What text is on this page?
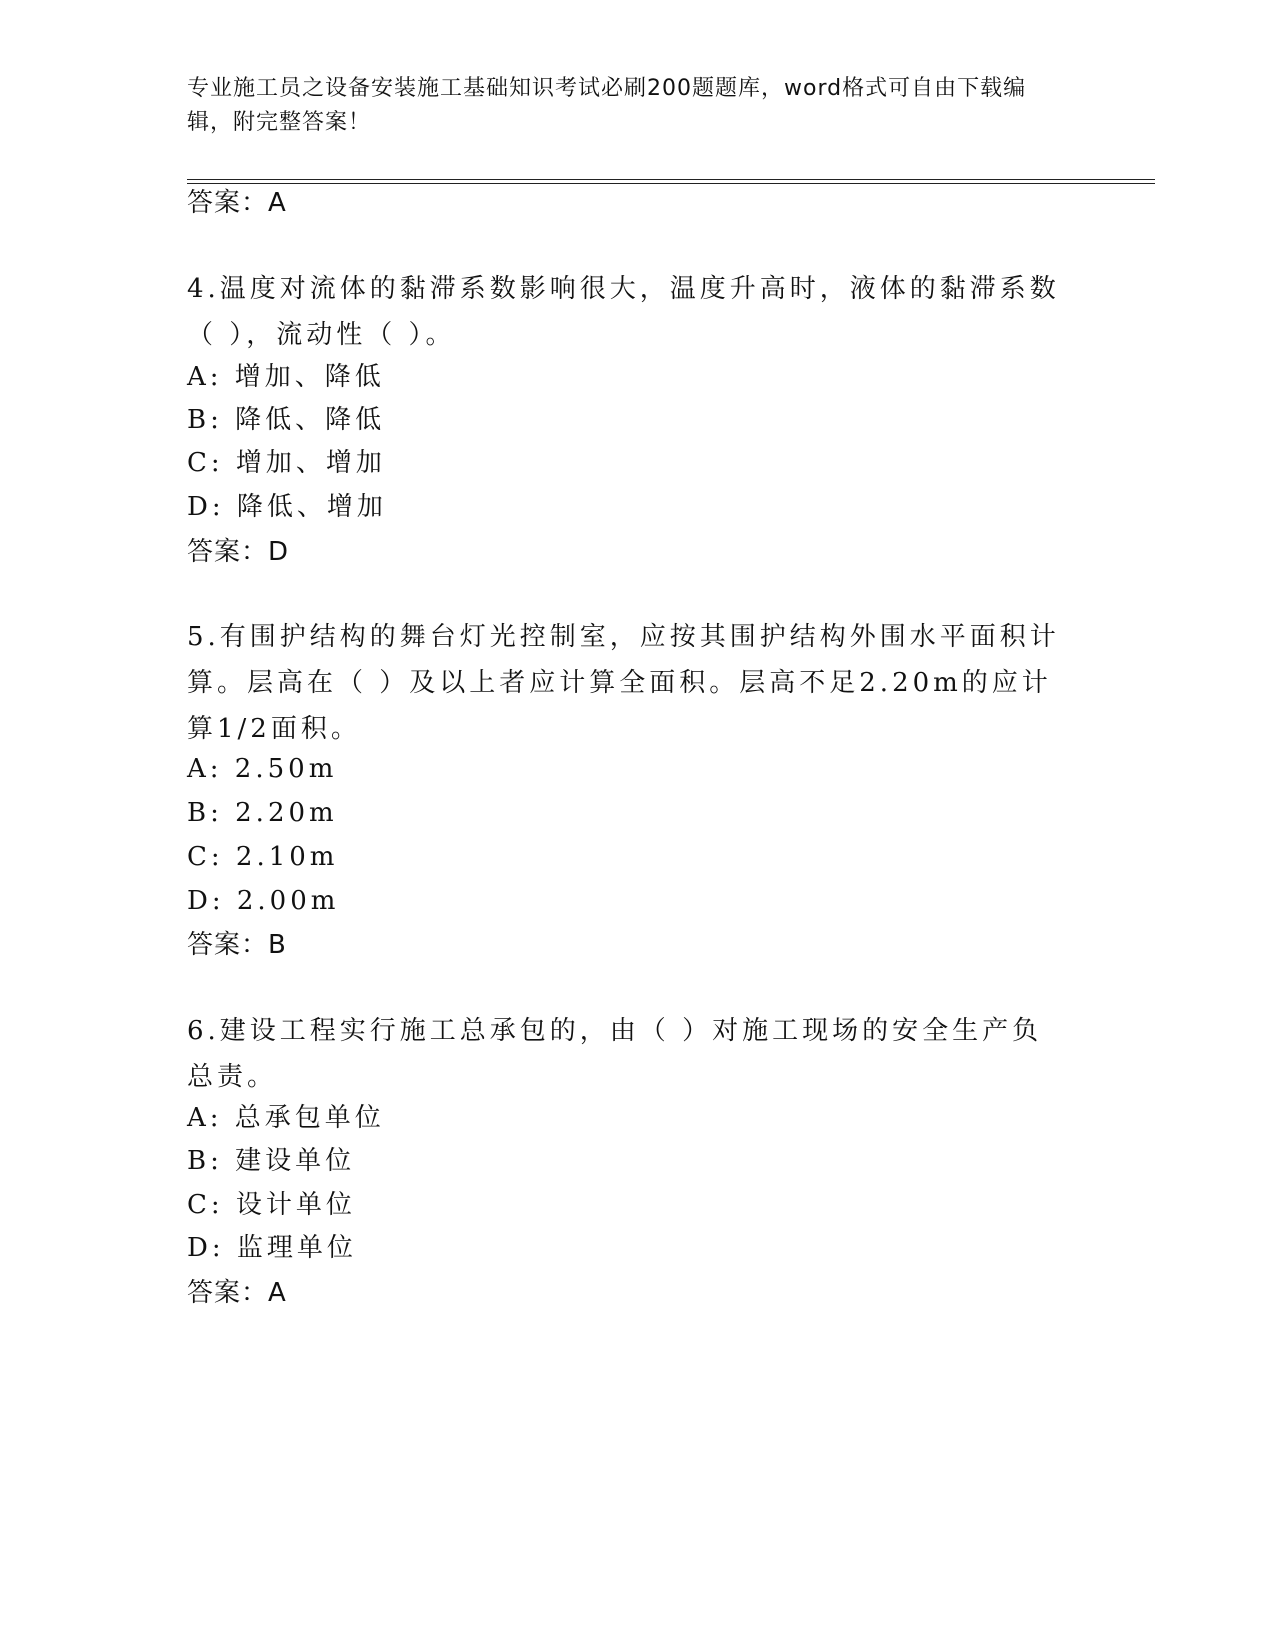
专业施工员之设备安装施工基础知识考试必刷200题题库，word格式可自由下载编辑，附完整答案！
答案：A
4.温度对流体的黏滞系数影响很大，温度升高时，液体的黏滞系数（ ），流动性（ ）。
A: 增加、降低
B: 降低、降低
C: 增加、增加
D: 降低、增加
答案：D
5.有围护结构的舞台灯光控制室，应按其围护结构外围水平面积计算。层高在（ ）及以上者应计算全面积。层高不足2.20m的应计算1/2面积。
A: 2.50m
B: 2.20m
C: 2.10m
D: 2.00m
答案：B
6.建设工程实行施工总承包的，由（ ）对施工现场的安全生产负总责。
A: 总承包单位
B: 建设单位
C: 设计单位
D: 监理单位
答案：A
